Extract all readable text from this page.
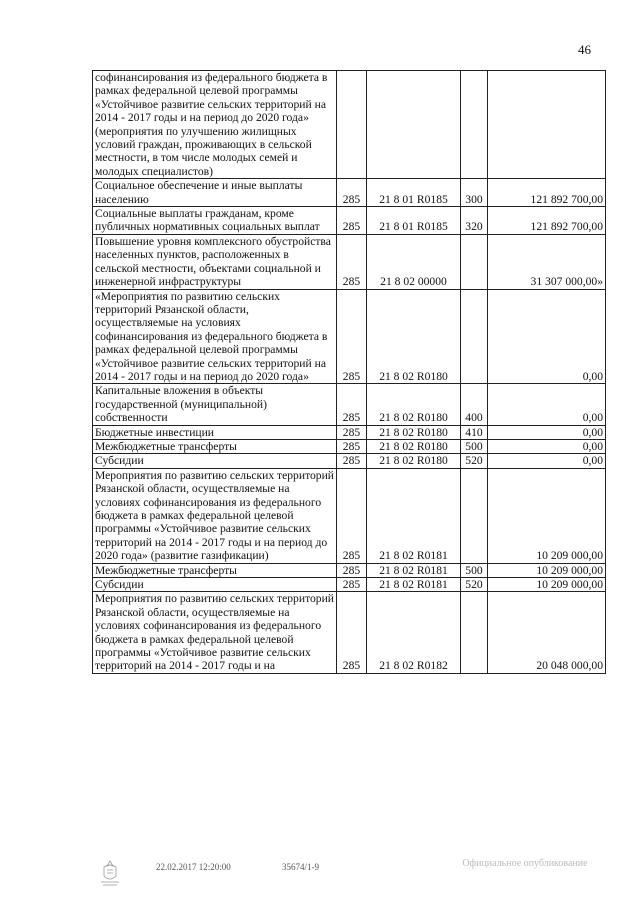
46
софинансирования из федерального бюджета в рамках федеральной целевой программы «Устойчивое развитие сельских территорий на 2014 - 2017 годы и на период до 2020 года» (мероприятия по улучшению жилищных условий граждан, проживающих в сельской местности, в том числе молодых семей и молодых специалистов)				
Социальное обеспечение и иные выплаты населению	285	21 8 01 R0185	300	121 892 700,00
Социальные выплаты гражданам, кроме публичных нормативных социальных выплат	285	21 8 01 R0185	320	121 892 700,00
Повышение уровня комплексного обустройства населенных пунктов, расположенных в сельской местности, объектами социальной и инженерной инфраструктуры	285	21 8 02 00000		31 307 000,00»
«Мероприятия по развитию сельских территорий Рязанской области, осуществляемые на условиях софинансирования из федерального бюджета в рамках федеральной целевой программы «Устойчивое развитие сельских территорий на 2014 - 2017 годы и на период до 2020 года»	285	21 8 02 R0180		0,00
Капитальные вложения в объекты государственной (муниципальной) собственности	285	21 8 02 R0180	400	0,00
Бюджетные инвестиции	285	21 8 02 R0180	410	0,00
Межбюджетные трансферты	285	21 8 02 R0180	500	0,00
Субсидии	285	21 8 02 R0180	520	0,00
Мероприятия по развитию сельских территорий Рязанской области, осуществляемые на условиях софинансирования из федерального бюджета в рамках федеральной целевой программы «Устойчивое развитие сельских территорий на 2014 - 2017 годы и на период до 2020 года» (развитие газификации)	285	21 8 02 R0181		10 209 000,00
Межбюджетные трансферты	285	21 8 02 R0181	500	10 209 000,00
Субсидии	285	21 8 02 R0181	520	10 209 000,00
Мероприятия по развитию сельских территорий Рязанской области, осуществляемые на условиях софинансирования из федерального бюджета в рамках федеральной целевой программы «Устойчивое развитие сельских территорий на 2014 - 2017 годы и на	285	21 8 02 R0182		20 048 000,00
22.02.2017 12:20:00	35674/1-9	Официальное опубликование
